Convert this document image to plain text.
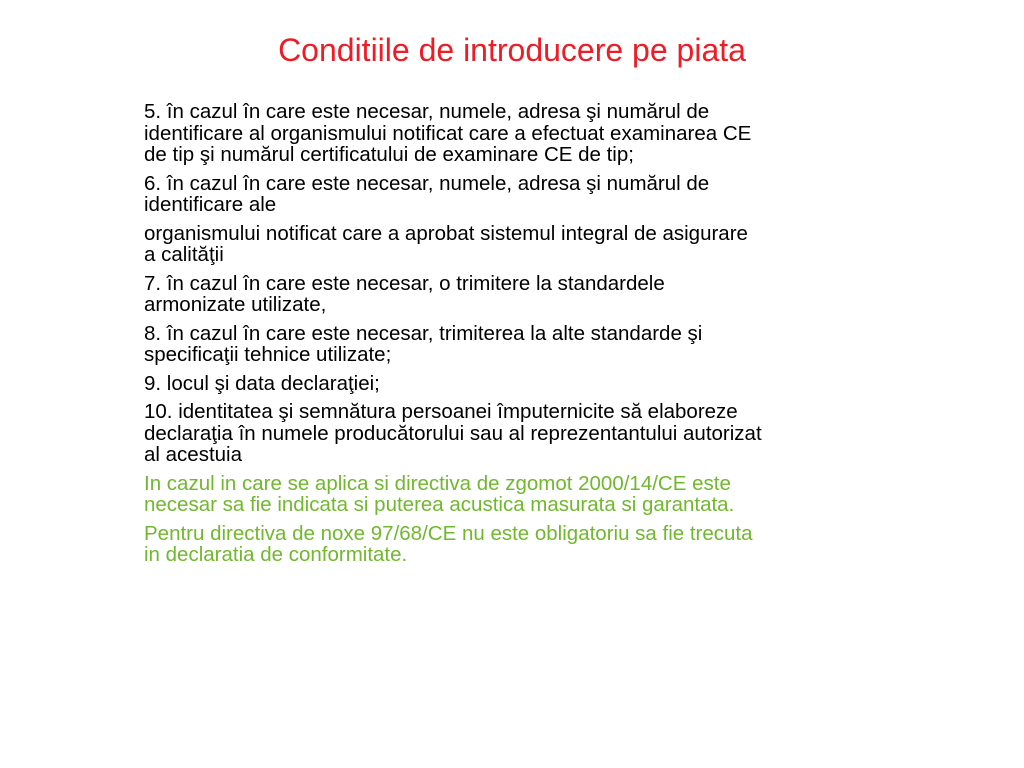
Conditiile de introducere pe piata
5. în cazul în care este necesar, numele, adresa şi numărul de
identificare al organismului notificat care a efectuat examinarea CE
de tip şi numărul certificatului de examinare CE de tip;
6. în cazul în care este necesar, numele, adresa şi numărul de
identificare ale
organismului notificat care a aprobat sistemul integral de asigurare
a calităţii
7. în cazul în care este necesar, o trimitere la standardele
armonizate utilizate,
8. în cazul în care este necesar, trimiterea la alte standarde şi
specificaţii tehnice utilizate;
9. locul şi data declaraţiei;
10. identitatea şi semnătura persoanei împuternicite să elaboreze
declaraţia în numele producătorului sau al reprezentantului autorizat
al acestuia
In cazul in care se aplica si directiva de zgomot 2000/14/CE este
necesar sa fie indicata si puterea acustica masurata si garantata.
Pentru directiva de noxe 97/68/CE nu este obligatoriu sa fie trecuta
in declaratia de conformitate.
